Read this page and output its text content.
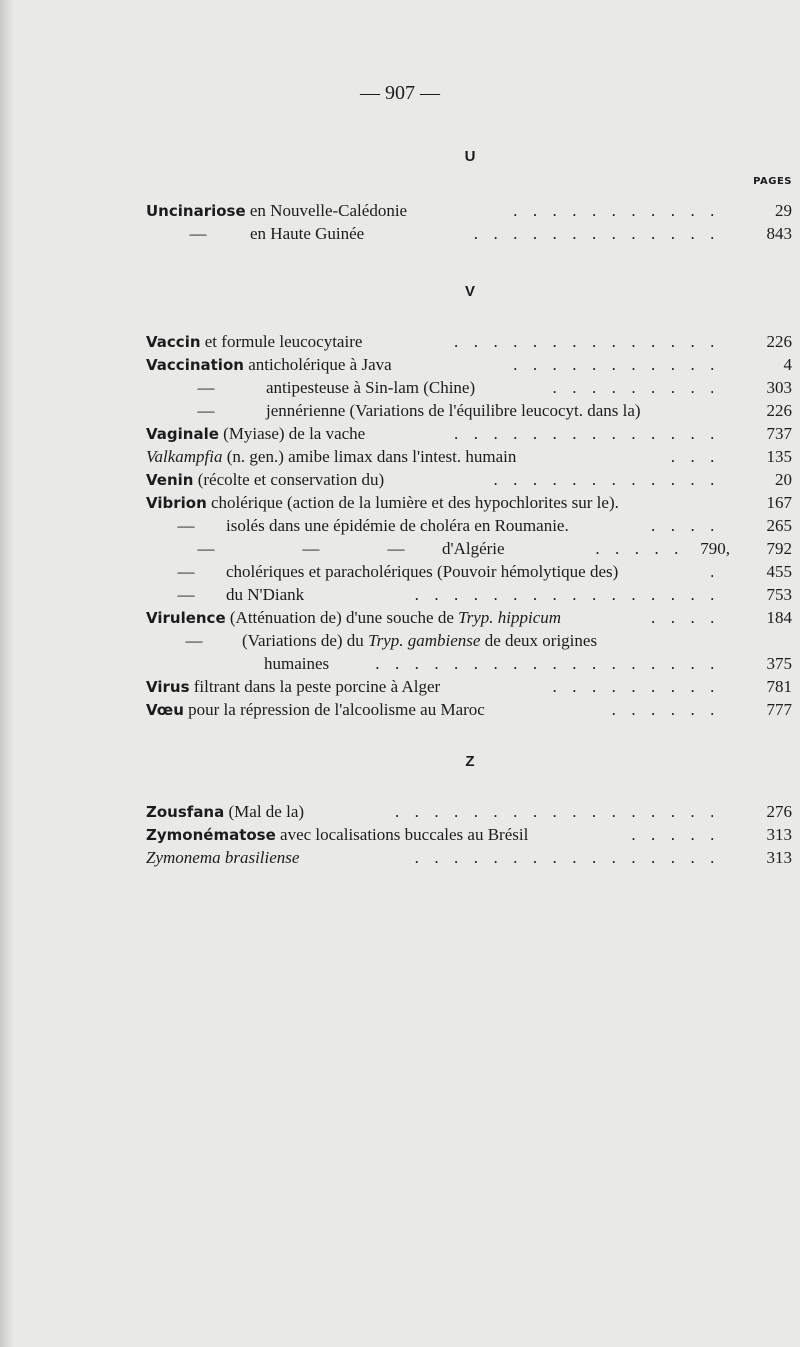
— 907 —
U
PAGES
Uncinariose en Nouvelle-Calédonie	. . . . . . . . . . .	29
—	en Haute Guinée	. . . . . . . . . . . . .	843
V
Vaccin et formule leucocytaire	. . . . . . . . . . . . . .	226
Vaccination anticholérique à Java	. . . . . . . . . . .	4
—	antipesteuse à Sin-lam (Chine)	. . . . . . . . .	303
—	jennérienne (Variations de l'équilibre leucocyt. dans la)	226
Vaginale (Myiase) de la vache	. . . . . . . . . . . . . .	737
Valkampfia (n. gen.) amibe limax dans l'intest. humain	. . .	135
Venin (récolte et conservation du)	. . . . . . . . . . . .	20
Vibrion cholérique (action de la lumière et des hypochlorites sur le).	167
— isolés dans une épidémie de choléra en Roumanie.	. . . .	265
—	—	— d'Algérie	. . . . . 790,	792
— cholériques et paracholériques (Pouvoir hémolytique des)	.	455
— du N'Diank	. . . . . . . . . . . . . . . .	753
Virulence (Atténuation de) d'une souche de Tryp. hippicum	. . . .	184
— (Variations de) du Tryp. gambiense de deux origines
humaines	. . . . . . . . . . . . . . . . . .	375
Virus filtrant dans la peste porcine à Alger	. . . . . . . . .	781
Vœu pour la répression de l'alcoolisme au Maroc	. . . . . .	777
Z
Zousfana (Mal de la)	. . . . . . . . . . . . . . . . .	276
Zymonématose avec localisations buccales au Brésil	. . . . .	313
Zymonema brasiliense	. . . . . . . . . . . . . . . .	313
